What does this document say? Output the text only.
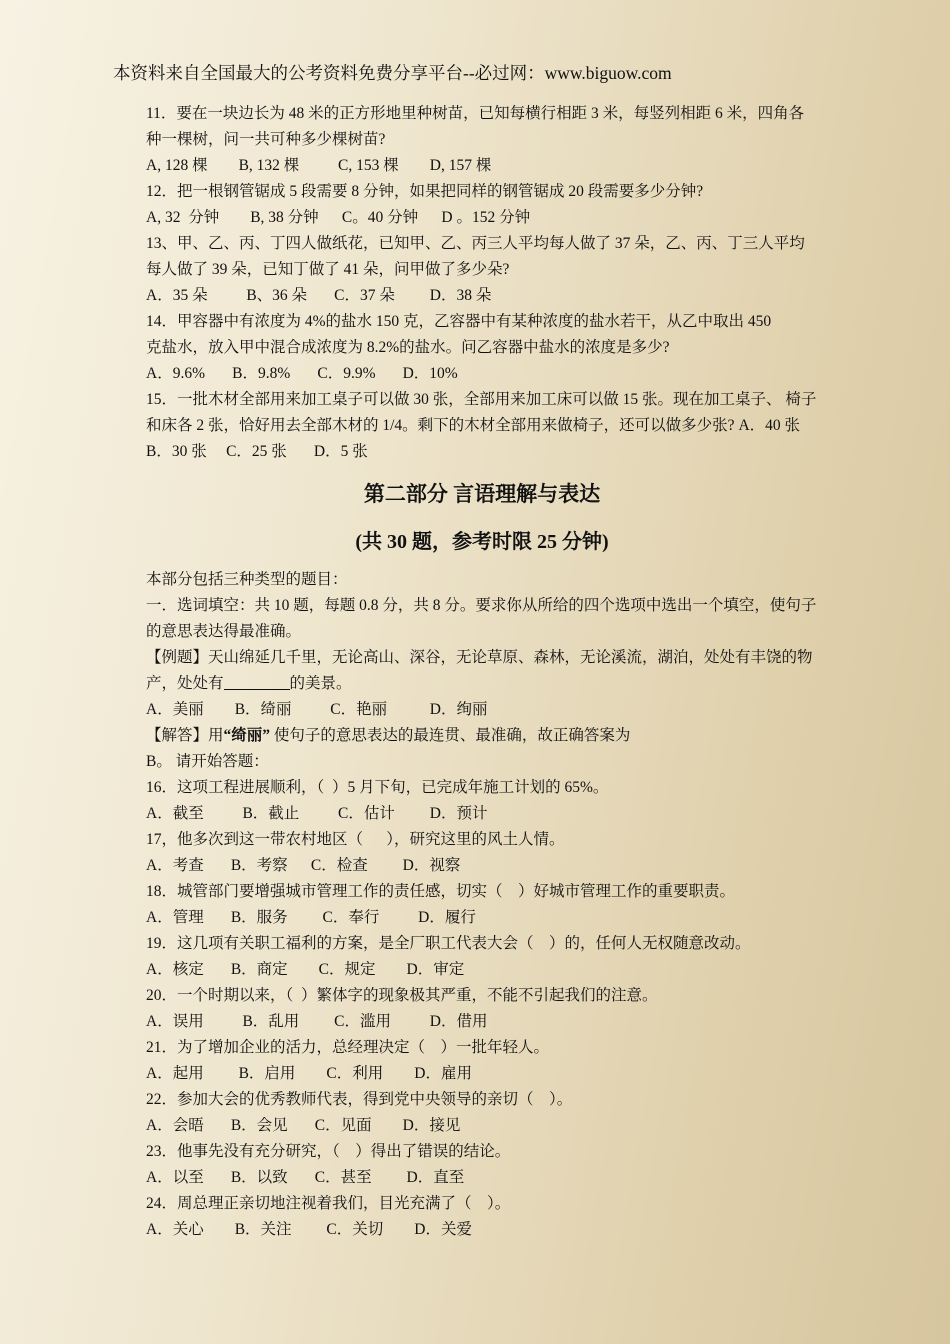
本资料来自全国最大的公考资料免费分享平台--必过网：www.biguow.com

11．要在一块边长为 48 米的正方形地里种树苗，已知每横行相距 3 米，每竖列相距 6 米，四角各种一棵树，问一共可种多少棵树苗?

A, 128 棵        B, 132 棵          C, 153 棵        D, 157 棵

12．把一根钢管锯成 5 段需要 8 分钟，如果把同样的钢管锯成 20 段需要多少分钟?

A, 32  分钟        B, 38 分钟      C。40 分钟      D 。152 分钟

13、甲、乙、丙、丁四人做纸花，已知甲、乙、丙三人平均每人做了 37 朵，乙、丙、丁三人平均每人做了 39 朵，已知丁做了 41 朵，问甲做了多少朵?

A．35 朵          B、36 朵       C．37 朵         D．38 朵

14．甲容器中有浓度为 4%的盐水 150 克，乙容器中有某种浓度的盐水若干，从乙中取出 450

克盐水，放入甲中混合成浓度为 8.2%的盐水。问乙容器中盐水的浓度是多少?

A．9.6%       B．9.8%       C．9.9%       D．10%

15．一批木材全部用来加工桌子可以做 30 张，全部用来加工床可以做 15 张。现在加工桌子、 椅子和床各 2 张，恰好用去全部木材的 1/4。剩下的木材全部用来做椅子，还可以做多少张? A．40 张                 B．30 张     C．25 张       D．5 张

第二部分 言语理解与表达
(共 30 题，参考时限 25 分钟)

本部分包括三种类型的题目：

一．选词填空：共 10 题，每题 0.8 分，共 8 分。要求你从所给的四个选项中选出一个填空，使句子的意思表达得最准确。

【例题】天山绵延几千里，无论高山、深谷，无论草原、森林，无论溪流，湖泊，处处有丰饶的物产，处处有	的美景。

A．美丽        B．绮丽          C．艳丽           D．绚丽

【解答】用“绮丽” 使句子的意思表达的最连贯、最准确，故正确答案为

B。 请开始答题：

16．这项工程进展顺利，（  ）5 月下旬，已完成年施工计划的 65%。

A．截至          B．截止          C．估计         D．预计

17，他多次到这一带农村地区（      ），研究这里的风土人情。

A．考查       B．考察      C．检查         D．视察

18．城管部门要增强城市管理工作的责任感，切实（    ）好城市管理工作的重要职责。

A．管理       B．服务         C．奉行          D．履行

19．这几项有关职工福利的方案，是全厂职工代表大会（    ）的，任何人无权随意改动。

A．核定       B．商定        C．规定        D．审定

20．一个时期以来，（  ）繁体字的现象极其严重，不能不引起我们的注意。

A．误用          B．乱用         C．滥用          D．借用

21．为了增加企业的活力，总经理决定（    ）一批年轻人。

A．起用         B．启用        C．利用        D．雇用

22．参加大会的优秀教师代表，得到党中央领导的亲切（    ）。

A．会晤       B．会见       C．见面        D．接见

23．他事先没有充分研究，（    ）得出了错误的结论。

A．以至       B．以致       C．甚至         D．直至

24．周总理正亲切地注视着我们，目光充满了（    ）。

A．关心        B．关注         C．关切        D．关爱
